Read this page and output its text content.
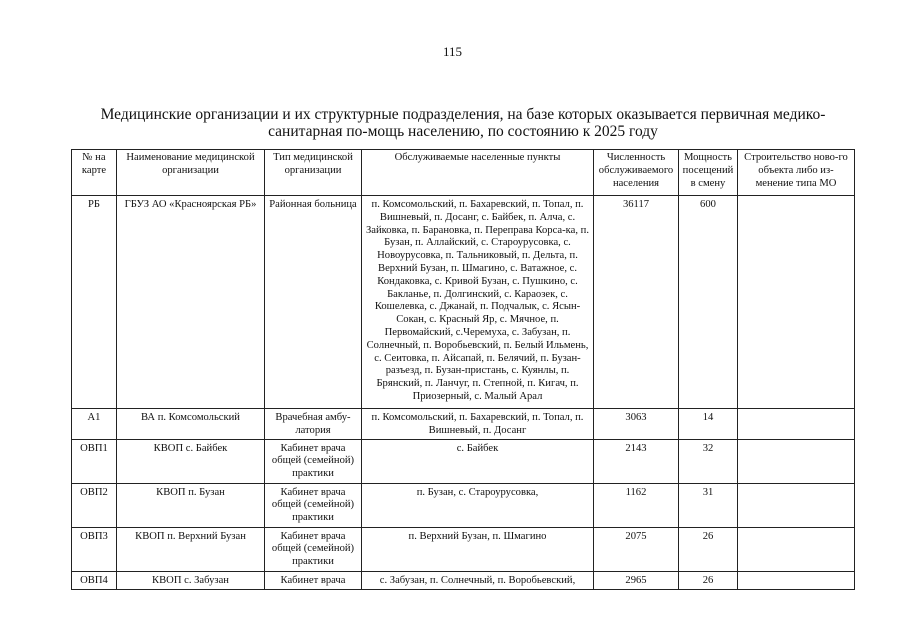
115
Медицинские организации и их структурные подразделения, на базе которых оказывается первичная медико-санитарная по-мощь населению, по состоянию к 2025 году
№ на карте	Наименование медицинской организации	Тип медицинской организации	Обслуживаемые населенные пункты	Численность обслуживаемого населения	Мощность посещений в смену	Строительство ново-го объекта либо из-менение типа МО
РБ	ГБУЗ АО «Красноярская РБ»	Районная больница	п. Комсомольский, п. Бахаревский, п. Топал, п. Вишневый, п. Досанг, с. Байбек, п. Алча, с. Зайковка, п. Барановка, п. Переправа Корса-ка, п. Бузан, п. Аллайский, с. Староурусовка, с. Новоурусовка, п. Тальниковый, п. Дельта, п. Верхний Бузан, п. Шмагино, с. Ватажное, с. Кондаковка, с. Кривой Бузан, с. Пушкино, с. Бакланье, п. Долгинский, с. Караозек, с. Кошелевка, с. Джанай, п. Подчалык, с. Ясын-Сокан, с. Красный Яр, с. Мячное, п. Первомайский, с.Черемуха, с. Забузан, п. Солнечный, п. Воробьевский, п. Белый Ильмень, с. Сеитовка, п. Айсапай, п. Белячий, п. Бузан-разъезд, п. Бузан-пристань, с. Куянлы, п. Брянский, п. Ланчуг, п. Степной, п. Кигач, п. Приозерный, с. Малый Арал	36117	600	
А1	ВА п. Комсомольский	Врачебная амбу-латория	п. Комсомольский, п. Бахаревский, п. Топал, п. Вишневый, п. Досанг	3063	14	
ОВП1	КВОП с. Байбек	Кабинет врача общей (семейной) практики	с. Байбек	2143	32	
ОВП2	КВОП п. Бузан	Кабинет врача общей (семейной) практики	п. Бузан, с. Староурусовка,	1162	31	
ОВП3	КВОП п. Верхний Бузан	Кабинет врача общей (семейной) практики	п. Верхний Бузан, п. Шмагино	2075	26	
ОВП4	КВОП с. Забузан	Кабинет врача	с. Забузан, п. Солнечный, п. Воробьевский,	2965	26	
